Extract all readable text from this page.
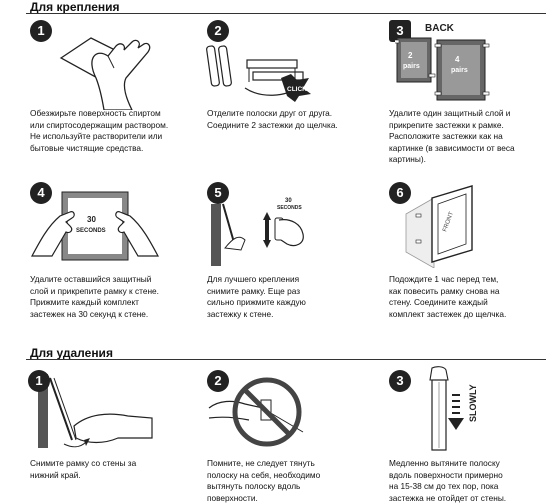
Для крепления
1
Обезжирьте поверхность спиртом
или спиртосодержащим раствором.
Не используйте растворители или
бытовые чистящие средства.
2
CLICK!
Отделите полоски друг от друга.
Соедините 2 застежки до щелчка.
3	BACK
2
pairs
4
pairs
Удалите один защитный слой и
прикрепите застежки к рамке.
Расположите застежки как на
картинке (в зависимости от веса
картины).
4
30
SECONDS
Удалите оставшийся защитный
слой и прикрепите рамку к стене.
Прижмите каждый комплект
застежек на 30 секунд к стене.
5
30
SECONDS
Для лучшего крепления
снимите рамку. Еще раз
сильно прижмите каждую
застежку к стене.
6
FRONT
Подождите 1 час перед тем,
как повесить рамку снова на
стену. Соедините каждый
комплект застежек до щелчка.
Для удаления
1
Снимите рамку со стены за
нижний край.
2
Помните, не следует тянуть
полоску на себя, необходимо
вытянуть полоску вдоль
поверхности.
3
SLOWLY
Медленно вытяните полоску
вдоль поверхности примерно
на 15-38 см до тех пор, пока
застежка не отойдет от стены.
